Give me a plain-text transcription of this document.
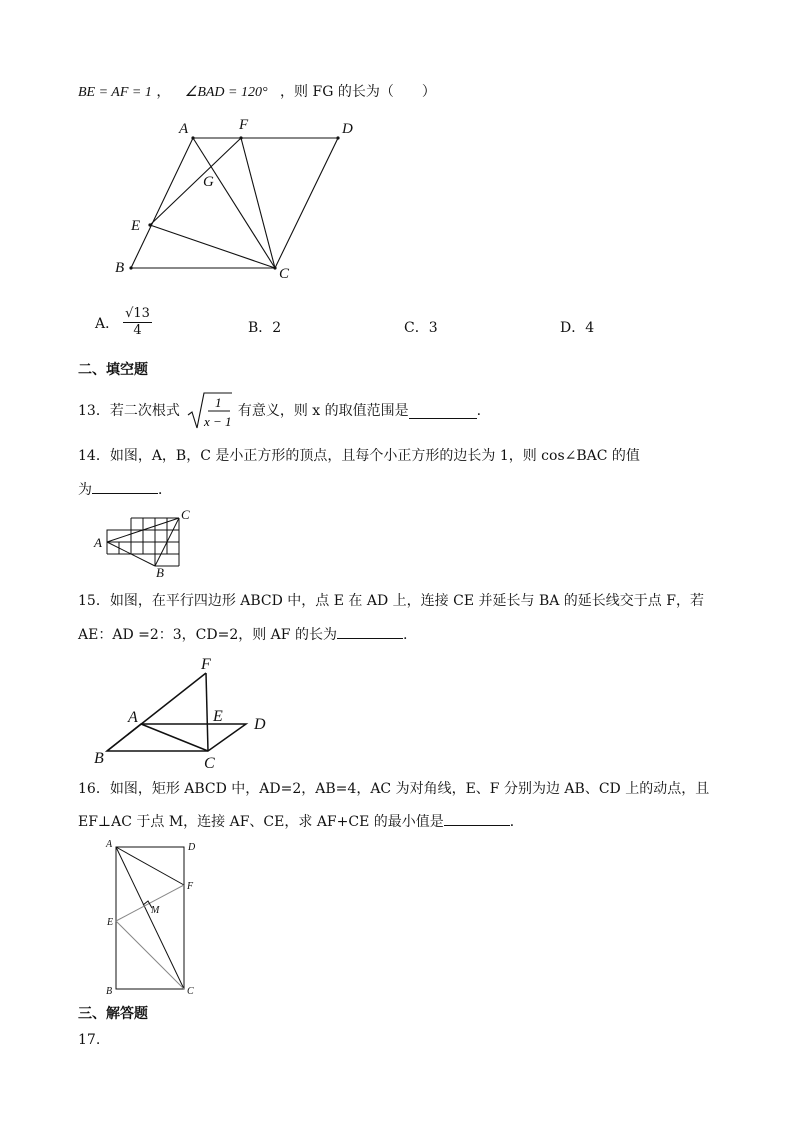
BE = AF = 1 ， ∠BAD = 120° ，则 FG 的长为（　　）
A	F	D
G
E
B	C
A． $\frac{√13}{4}$	B．2	C．3	D．4
二、填空题
13．若二次根式
1
x − 1
有意义，则 x 的取值范围是	.
14．如图，A，B，C 是小正方形的顶点，且每个小正方形的边长为 1，则 cos∠BAC 的值
为	．
A
B
C
15．如图，在平行四边形 ABCD 中，点 E 在 AD 上，连接 CE 并延长与 BA 的延长线交于点 F，若
AE：AD =2：3，CD=2，则 AF 的长为	.
F
A	E D
B	C
16．如图，矩形 ABCD 中，AD=2，AB=4，AC 为对角线，E、F 分别为边 AB、CD 上的动点，且
EF⊥AC 于点 M，连接 AF、CE，求 AF+CE 的最小值是	．
A	D
F
M
E
B	C
三、解答题
17.
